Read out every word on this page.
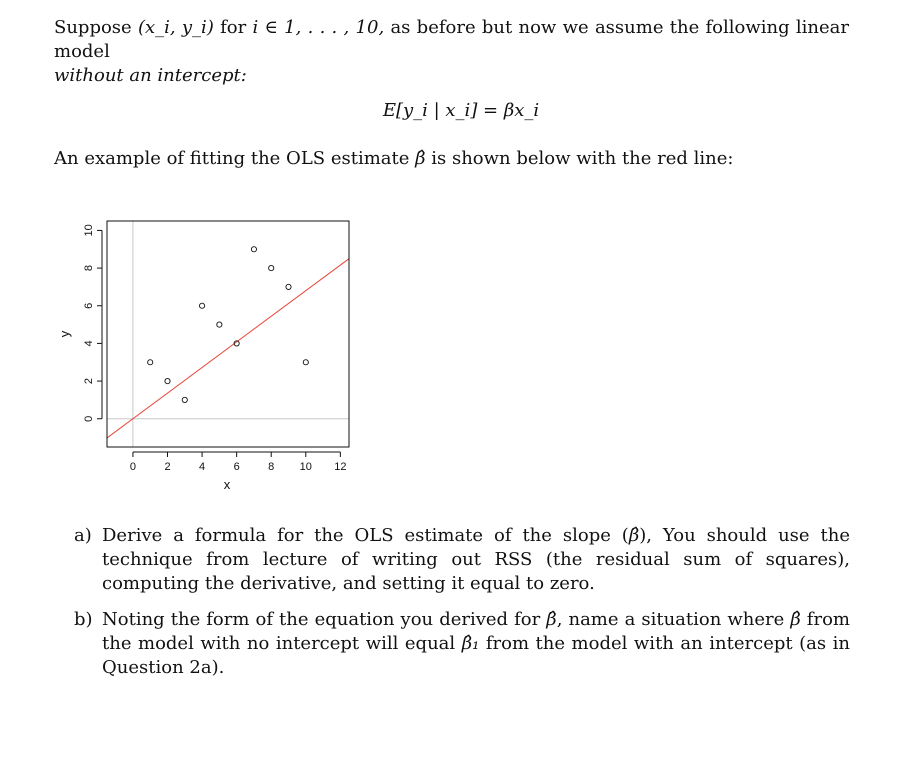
Suppose (x_i, y_i) for i ∈ 1, . . . , 10, as before but now we assume the following linear model
without an intercept:
E[y_i | x_i] = βx_i
An example of fitting the OLS estimate β̂ is shown below with the red line:
0	2	4	6	8 10 12
0
2
4
6
8
10
x
y
a) Derive a formula for the OLS estimate of the slope (β̂), You should use the technique from lecture of writing out RSS (the residual sum of squares), computing the derivative, and setting it equal to zero.
b) Noting the form of the equation you derived for β̂, name a situation where β̂ from the model with no intercept will equal β̂₁ from the model with an intercept (as in Question 2a).
